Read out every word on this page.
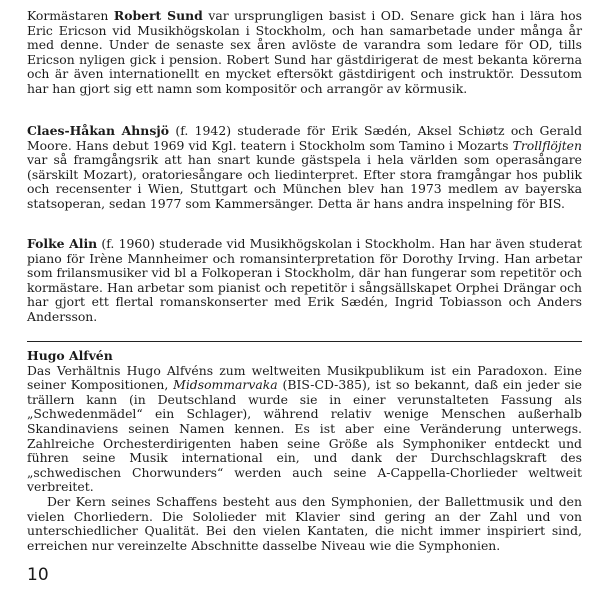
Kormästaren Robert Sund var ursprungligen basist i OD. Senare gick han i lära hos Eric Ericson vid Musikhögskolan i Stockholm, och han samarbetade under många år med denne. Under de senaste sex åren avlöste de varandra som ledare för OD, tills Ericson nyligen gick i pension. Robert Sund har gästdirigerat de mest bekanta körerna och är även internationellt en mycket eftersökt gästdirigent och instruktör. Dessutom har han gjort sig ett namn som kompositör och arrangör av körmusik.

Claes-Håkan Ahnsjö (f. 1942) studerade för Erik Sædén, Aksel Schiøtz och Gerald Moore. Hans debut 1969 vid Kgl. teatern i Stockholm som Tamino i Mozarts Trollflöjten var så framgångsrik att han snart kunde gästspela i hela världen som operasångare (särskilt Mozart), oratoriesångare och liedinterpret. Efter stora framgångar hos publik och recensenter i Wien, Stuttgart och München blev han 1973 medlem av bayerska statsoperan, sedan 1977 som Kammersänger. Detta är hans andra inspelning för BIS.

Folke Alin (f. 1960) studerade vid Musikhögskolan i Stockholm. Han har även studerat piano för Irène Mannheimer och romansinterpretation för Dorothy Irving. Han arbetar som frilansmusiker vid bl a Folkoperan i Stockholm, där han fungerar som repetitör och kormästare. Han arbetar som pianist och repetitör i sångsällskapet Orphei Drängar och har gjort ett flertal romanskonserter med Erik Sædén, Ingrid Tobiasson och Anders Andersson.

Hugo Alfvén

Das Verhältnis Hugo Alfvéns zum weltweiten Musikpublikum ist ein Paradoxon. Eine seiner Kompositionen, Midsommarvaka (BIS-CD-385), ist so bekannt, daß ein jeder sie trällern kann (in Deutschland wurde sie in einer verunstalteten Fassung als „Schwedenmädel“ ein Schlager), während relativ wenige Menschen außerhalb Skandinaviens seinen Namen kennen. Es ist aber eine Veränderung unterwegs. Zahlreiche Orchesterdirigenten haben seine Größe als Symphoniker entdeckt und führen seine Musik international ein, und dank der Durchschlagskraft des „schwedischen Chorwunders“ werden auch seine A-Cappella-Chorlieder weltweit verbreitet.

Der Kern seines Schaffens besteht aus den Symphonien, der Ballettmusik und den vielen Chorliedern. Die Sololieder mit Klavier sind gering an der Zahl und von unterschiedlicher Qualität. Bei den vielen Kantaten, die nicht immer inspiriert sind, erreichen nur vereinzelte Abschnitte dasselbe Niveau wie die Symphonien.

10
